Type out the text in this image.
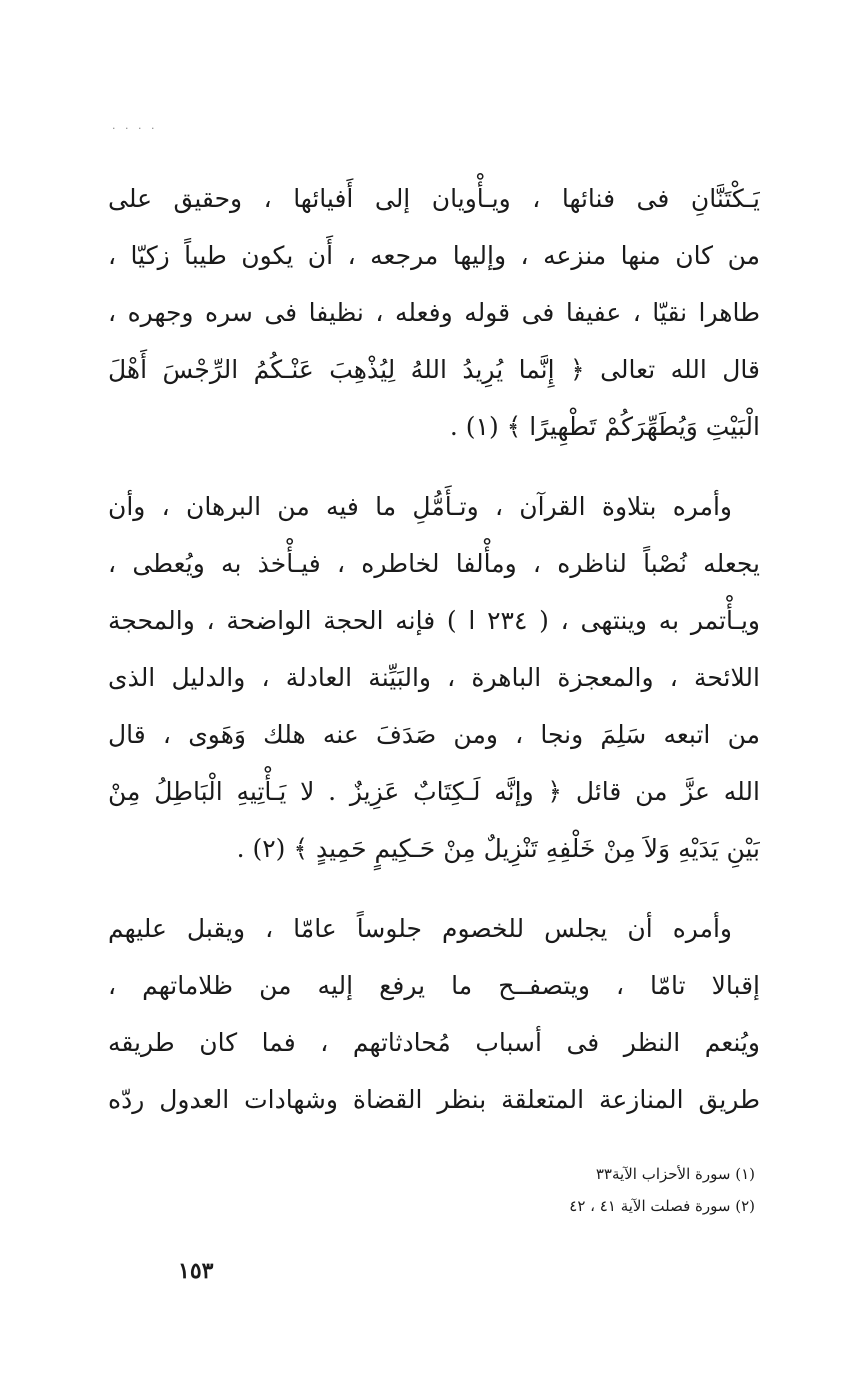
· · · ·
يَـكْتَنَّانِ فى فنائها ، ويـأْويان إلى أَفيائها ، وحقيق على
من كان منها منزعه ، وإليها مرجعه ، أَن يكون طيباً زكيّا ،
طاهرا نقيّا ، عفيفا فى قوله وفعله ، نظيفا فى سره وجهره ،
قال الله تعالى ﴿ إِنَّما يُرِيدُ اللهُ لِيُذْهِبَ عَنْـكُمُ الرِّجْسَ أَهْلَ
الْبَيْتِ وَيُطَهِّرَكُمْ تَطْهِيرًا ﴾ (١) .
وأمره بتلاوة القرآن ، وتـأَمُّلِ ما فيه من البرهان ، وأن
يجعله نُصْباً لناظره ، ومأْلفا لخاطره ، فيـأْخذ به ويُعطى ،
ويـأْتمر به وينتهى ، ( ٢٣٤ ا ) فإنه الحجة الواضحة ، والمحجة
اللائحة ، والمعجزة الباهرة ، والبَيِّنة العادلة ، والدليل الذى
من اتبعه سَلِمَ ونجا ، ومن صَدَفَ عنه هلك وَهَوى ، قال
الله عزَّ من قائل ﴿ وإنَّه لَـكِتَابٌ عَزِيزٌ . لا يَـأْتِيهِ الْبَاطِلُ مِنْ
بَيْنِ يَدَيْهِ وَلاَ مِنْ خَلْفِهِ تَنْزِيلٌ مِنْ حَـكِيمٍ حَمِيدٍ ﴾ (٢) .
وأمره أن يجلس للخصوم جلوساً عامّا ، ويقبل عليهم
إقبالا تامّا ، ويتصفــح ما يرفع إليه من ظلاماتهم ،
ويُنعم النظر فى أسباب مُحادثاتهم ، فما كان طريقه
طريق المنازعة المتعلقة بنظر القضاة وشهادات العدول ردّه
(١) سورة الأحزاب الآية٣٣
(٢) سورة فصلت الآية ٤١ ، ٤٢
١٥٣
